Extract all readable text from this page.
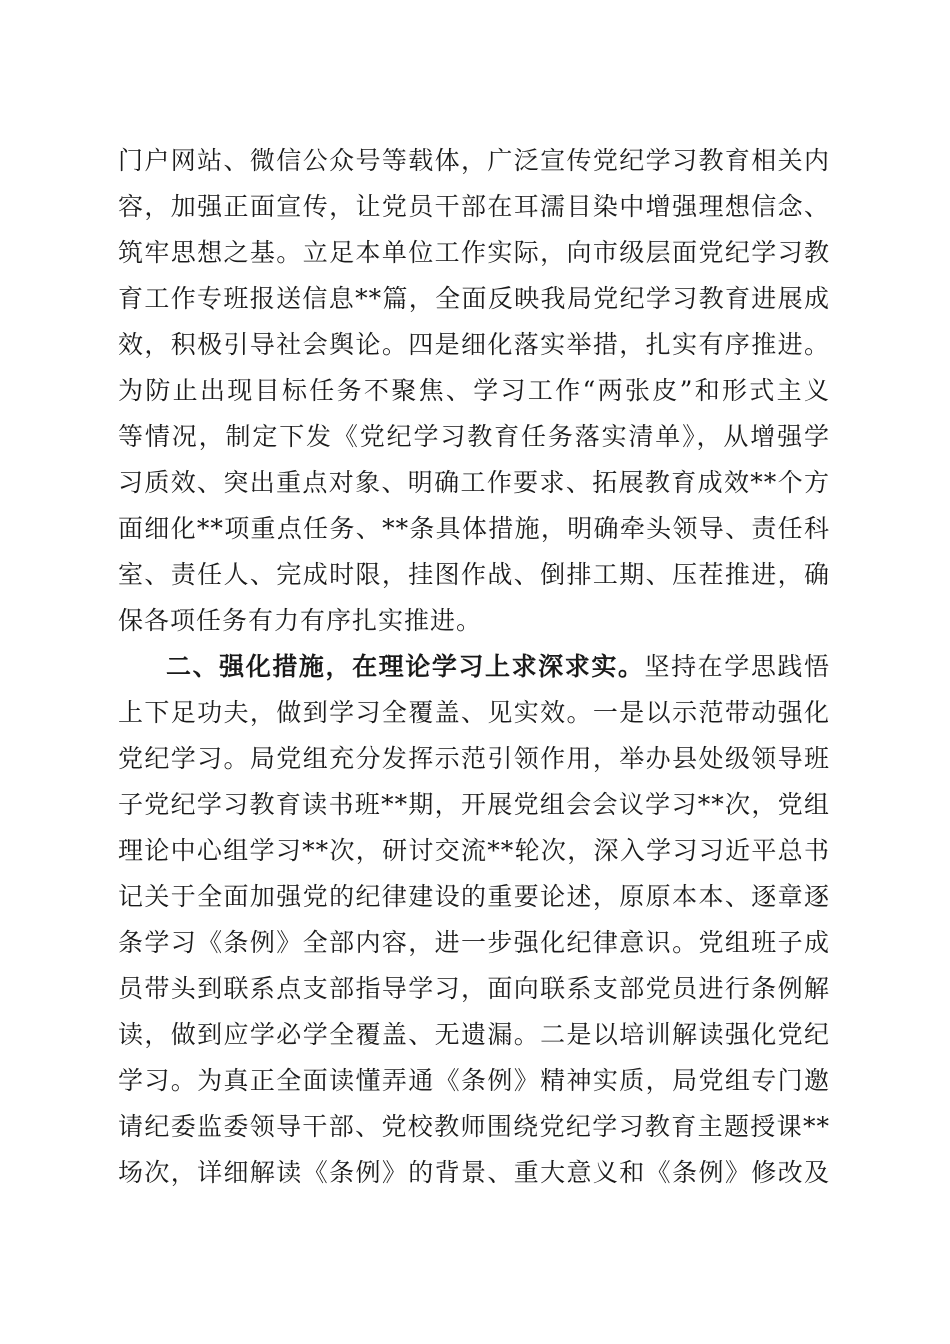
门户网站、微信公众号等载体，广泛宣传党纪学习教育相关内
容，加强正面宣传，让党员干部在耳濡目染中增强理想信念、
筑牢思想之基。立足本单位工作实际，向市级层面党纪学习教
育工作专班报送信息**篇，全面反映我局党纪学习教育进展成
效，积极引导社会舆论。四是细化落实举措，扎实有序推进。
为防止出现目标任务不聚焦、学习工作“两张皮”和形式主义
等情况，制定下发《党纪学习教育任务落实清单》，从增强学
习质效、突出重点对象、明确工作要求、拓展教育成效**个方
面细化**项重点任务、**条具体措施，明确牵头领导、责任科
室、责任人、完成时限，挂图作战、倒排工期、压茬推进，确
保各项任务有力有序扎实推进。
二、强化措施，在理论学习上求深求实。坚持在学思践悟
上下足功夫，做到学习全覆盖、见实效。一是以示范带动强化
党纪学习。局党组充分发挥示范引领作用，举办县处级领导班
子党纪学习教育读书班**期，开展党组会会议学习**次，党组
理论中心组学习**次，研讨交流**轮次，深入学习习近平总书
记关于全面加强党的纪律建设的重要论述，原原本本、逐章逐
条学习《条例》全部内容，进一步强化纪律意识。党组班子成
员带头到联系点支部指导学习，面向联系支部党员进行条例解
读，做到应学必学全覆盖、无遗漏。二是以培训解读强化党纪
学习。为真正全面读懂弄通《条例》精神实质，局党组专门邀
请纪委监委领导干部、党校教师围绕党纪学习教育主题授课**
场次，详细解读《条例》的背景、重大意义和《条例》修改及
